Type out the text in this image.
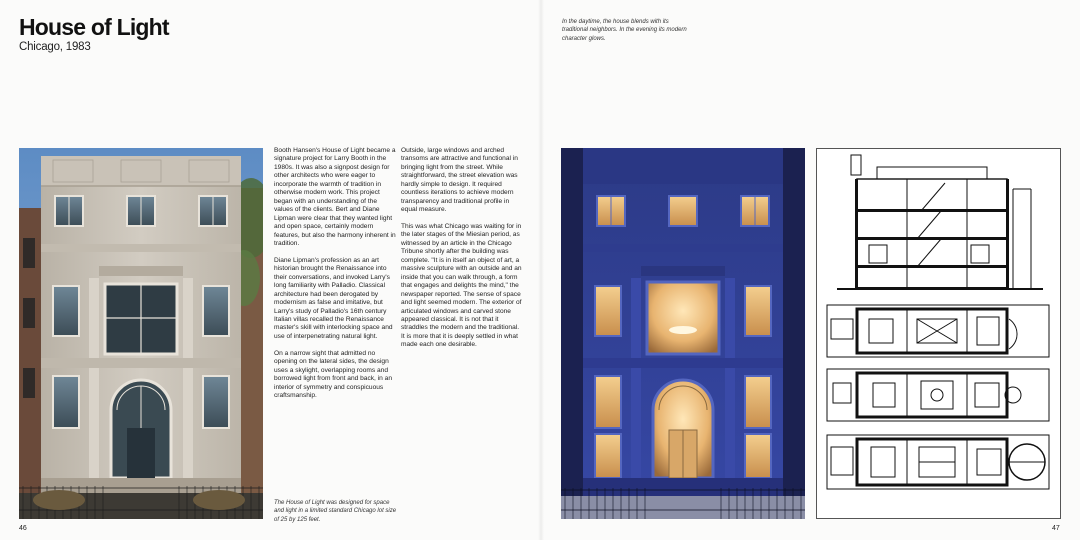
House of Light
Chicago, 1983
In the daytime, the house blends with its traditional neighbors. In the evening its modern character glows.

Booth Hansen's House of Light became a signature project for Larry Booth in the 1980s. It was also a signpost design for other architects who were eager to incorporate the warmth of tradition in otherwise modern work. This project began with an understanding of the values of the clients. Bert and Diane Lipman were clear that they wanted light and open space, certainly modern features, but also the harmony inherent in tradition.

Diane Lipman's profession as an art historian brought the Renaissance into their conversations, and invoked Larry's long familiarity with Palladio. Classical architecture had been derogated by modernism as false and imitative, but Larry's study of Palladio's 16th century Italian villas recalled the Renaissance master's skill with interlocking space and use of interpenetrating natural light.

On a narrow sight that admitted no opening on the lateral sides, the design uses a skylight, overlapping rooms and borrowed light from front and back, in an interior of symmetry and conspicuous craftsmanship.

Outside, large windows and arched transoms are attractive and functional in bringing light from the street. While straightforward, the street elevation was hardly simple to design. It required countless iterations to achieve modern transparency and traditional profile in equal measure.

This was what Chicago was waiting for in the later stages of the Miesian period, as witnessed by an article in the Chicago Tribune shortly after the building was complete. "It is in itself an object of art, a massive sculpture with an outside and an inside that you can walk through, a form that engages and delights the mind," the newspaper reported. The sense of space and light seemed modern. The exterior of articulated windows and carved stone appeared classical. It is not that it straddles the modern and the traditional. It is more that it is deeply settled in what made each one desirable.

The House of Light was designed for space and light in a limited standard Chicago lot size of 25 by 125 feet.
46	47
